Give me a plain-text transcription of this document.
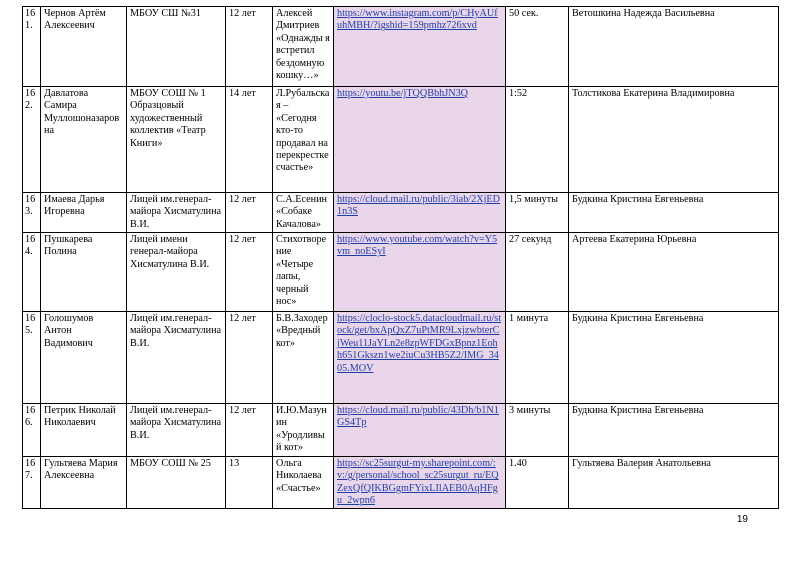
161.	Чернов Артём Алексеевич	МБОУ СШ №31	12 лет	Алексей Дмитриев «Однажды я встретил бездомную кошку…»	https://www.instagram.com/p/CHyAUfuhMBH/?igshid=159pmhz726xvd	50 сек.	Ветошкина Надежда Васильевна
162.	Давлатова Самира Муллошоназаровна	МБОУ СОШ № 1 Образцовый художественный коллектив «Театр Книги»	14 лет	Л.Рубальская – «Сегодня кто-то продавал на перекрестке счастье»	https://youtu.be/jTQQBbhJN3Q	1:52	Толстикова Екатерина Владимировна
163.	Имаева Дарья Игоревна	Лицей им.генерал-майора Хисматулина В.И.	12 лет	С.А.Есенин «Собаке Качалова»	https://cloud.mail.ru/public/3iab/2XjED1n3S	1,5 минуты	Будкина Кристина Евгеньевна
164.	Пушкарева Полина	Лицей имени генерал-майора Хисматулина В.И.	12 лет	Стихотворение «Четыре лапы, черный нос»	https://www.youtube.com/watch?v=Y5vm_noESyI	27 секунд	Артеева Екатерина Юрьевна
165.	Голошумов Антон Вадимович	Лицей им.генерал-майора Хисматулина В.И.	12 лет	Б.В.Заходер «Вредный кот»	https://cloclo-stock5.datacloudmail.ru/stock/get/bxApQxZ7uPtMR9LxjzwbterCjWeu11JaYLn2e8zpWFDGxBpnz1Eohh651Gkszn1we2iuCu3HB5Z2/IMG_3405.MOV	1 минута	Будкина Кристина Евгеньевна
166.	Петрик Николай Николаевич	Лицей им.генерал-майора Хисматулина В.И.	12 лет	И.Ю.Мазунин «Уродливый кот»	https://cloud.mail.ru/public/43Dh/b1N1GS4Tp	3 минуты	Будкина Кристина Евгеньевна
167.	Гультяева Мария Алексеевна	МБОУ СОШ № 25	13	Ольга Николаева «Счастье»	https://sc25surgut-my.sharepoint.com/:v:/g/personal/school_sc25surgut_ru/EQZexQfQIKBGgmFYixLIlAEB0AqHFgu_2wpn6	1.40	Гультяева Валерия Анатольевна
19
